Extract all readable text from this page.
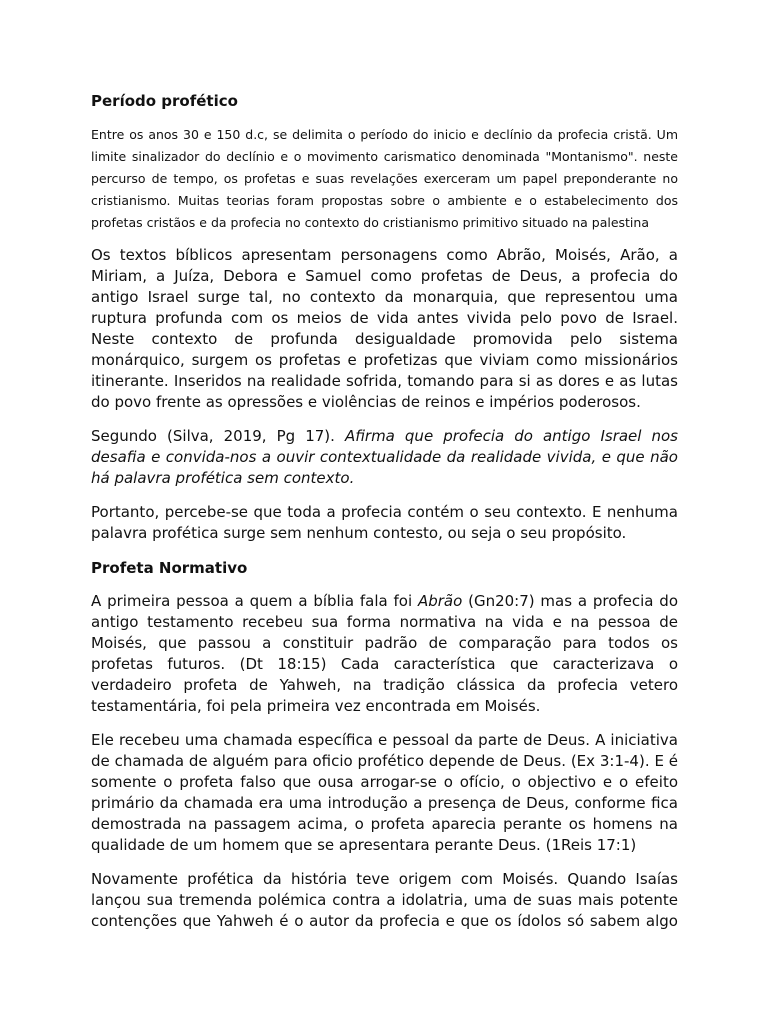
Período profético

Entre os anos 30 e 150 d.c, se delimita o período do inicio e declínio da profecia cristã. Um limite sinalizador do declínio e o movimento carismatico denominada "Montanismo". neste percurso de tempo, os profetas e suas revelações exerceram um papel preponderante no cristianismo. Muitas teorias foram propostas sobre o ambiente e o estabelecimento dos profetas cristãos e da profecia no contexto do cristianismo primitivo situado na palestina

Os textos bíblicos apresentam personagens como Abrão, Moisés, Arão, a Miriam, a Juíza, Debora e Samuel como profetas de Deus, a profecia do antigo Israel surge tal, no contexto da monarquia, que representou uma ruptura profunda com os meios de vida antes vivida pelo povo de Israel. Neste contexto de profunda desigualdade promovida pelo sistema monárquico, surgem os profetas e profetizas que viviam como missionários itinerante. Inseridos na realidade sofrida, tomando para si as dores e as lutas do povo frente as opressões e violências de reinos e impérios poderosos.

Segundo (Silva, 2019, Pg 17). Afirma que profecia do antigo Israel nos desafia e convida-nos a ouvir contextualidade da realidade vivida, e que não há palavra profética sem contexto.

Portanto, percebe-se que toda a profecia contém o seu contexto. E nenhuma palavra profética surge sem nenhum contesto, ou seja o seu propósito.

Profeta Normativo

A primeira pessoa a quem a bíblia fala foi Abrão (Gn20:7) mas a profecia do antigo testamento recebeu sua forma normativa na vida e na pessoa de Moisés, que passou a constituir padrão de comparação para todos os profetas futuros. (Dt 18:15) Cada característica que caracterizava o verdadeiro profeta de Yahweh, na tradição clássica da profecia vetero testamentária, foi pela primeira vez encontrada em Moisés.

Ele recebeu uma chamada específica e pessoal da parte de Deus. A iniciativa de chamada de alguém para oficio profético depende de Deus. (Ex 3:1-4). E é somente o profeta falso que ousa arrogar-se o ofício, o objectivo e o efeito primário da chamada era uma introdução a presença de Deus, conforme fica demostrada na passagem acima, o profeta aparecia perante os homens na qualidade de um homem que se apresentara perante Deus. (1Reis 17:1)

Novamente profética da história teve origem com Moisés. Quando Isaías lançou sua tremenda polémica contra a idolatria, uma de suas mais potente contenções que Yahweh é o autor da profecia e que os ídolos só sabem algo
